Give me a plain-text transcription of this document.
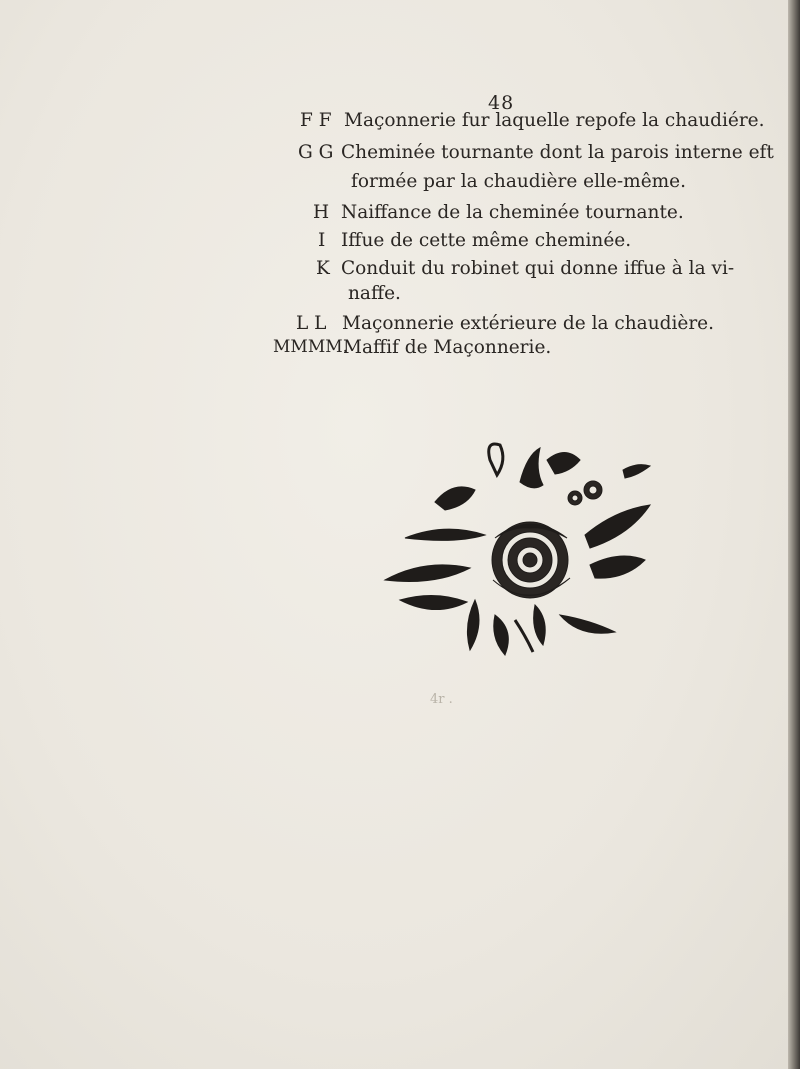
48
F F Maçonnerie fur laquelle repofe la chaudiére.
G G Cheminée tournante dont la parois interne eft
formée par la chaudière elle-même.
H Naiffance de la cheminée tournante.
I Iffue de cette même cheminée.
K Conduit du robinet qui donne iffue à la vi-
naffe.
L L Maçonnerie extérieure de la chaudière.
MMMM.
Maffif de Maçonnerie.
4r .
